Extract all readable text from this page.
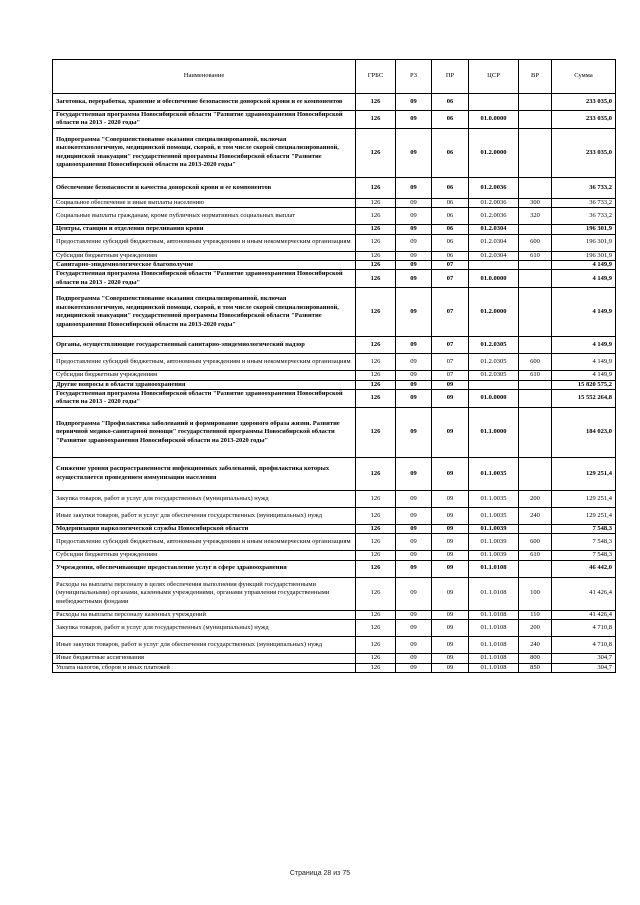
Наименование	ГРБС	РЗ	ПР	ЦСР	ВР	Сумма
Заготовка, переработка, хранение и обеспечение безопасности донорской крови и ее компонентов	126	09	06			233 035,0
Государственная программа Новосибирской области "Развитие здравоохранения Новосибирской области на 2013 - 2020 годы"	126	09	06	01.0.0000		233 035,0
Подпрограмма "Совершенствование оказания специализированной, включая высокотехнологичную, медицинской помощи, скорой, в том числе скорой специализированной, медицинской эвакуации" государственной программы Новосибирской области "Развитие здравоохранения Новосибирской области на 2013-2020 годы"	126	09	06	01.2.0000		233 035,0
Обеспечение безопасности и качества донорской крови и ее компонентов	126	09	06	01.2.0036		36 733,2
Социальное обеспечение и иные выплаты населению	126	09	06	01.2.0036	300	36 733,2
Социальные выплаты гражданам, кроме публичных нормативных социальных выплат	126	09	06	01.2.0036	320	36 733,2
Центры, станции и отделения переливания крови	126	09	06	01.2.0304		196 301,9
Предоставление субсидий бюджетным, автономным учреждениям и иным некоммерческим организациям	126	09	06	01.2.0304	600	196 301,9
Субсидии бюджетным учреждениям	126	09	06	01.2.0304	610	196 301,9
Санитарно-эпидемиологическое благополучие	126	09	07			4 149,9
Государственная программа Новосибирской области "Развитие здравоохранения Новосибирской области на 2013 - 2020 годы"	126	09	07	01.0.0000		4 149,9
Подпрограмма "Совершенствование оказания специализированной, включая высокотехнологичную, медицинской помощи, скорой, в том числе скорой специализированной, медицинской эвакуации" государственной программы Новосибирской области "Развитие здравоохранения Новосибирской области на 2013-2020 годы"	126	09	07	01.2.0000		4 149,9
Органы, осуществляющие государственный санитарно-эпидемиологический надзор	126	09	07	01.2.0305		4 149,9
Предоставление субсидий бюджетным, автономным учреждениям и иным некоммерческим организациям	126	09	07	01.2.0305	600	4 149,9
Субсидии бюджетным учреждениям	126	09	07	01.2.0305	610	4 149,9
Другие вопросы в области здравоохранения	126	09	09			15 820 575,2
Государственная программа Новосибирской области "Развитие здравоохранения Новосибирской области на 2013 - 2020 годы"	126	09	09	01.0.0000		15 552 264,8
Подпрограмма "Профилактика заболеваний и формирование здорового образа жизни. Развитие первичной медико-санитарной помощи" государственной программы Новосибирской области "Развитие здравоохранения Новосибирской области на 2013-2020 годы"	126	09	09	01.1.0000		184 023,0
Снижение уровня распространенности инфекционных заболеваний, профилактика которых осуществляется проведением иммунизации населения	126	09	09	01.1.0035		129 251,4
Закупка товаров, работ и услуг для государственных (муниципальных) нужд	126	09	09	01.1.0035	200	129 251,4
Иные закупки товаров, работ и услуг для обеспечения государственных (муниципальных) нужд	126	09	09	01.1.0035	240	129 251,4
Модернизация наркологической службы Новосибирской области	126	09	09	01.1.0039		7 548,3
Предоставление субсидий бюджетным, автономным учреждениям и иным некоммерческим организациям	126	09	09	01.1.0039	600	7 548,3
Субсидии бюджетным учреждениям	126	09	09	01.1.0039	610	7 548,3
Учреждения, обеспечивающие предоставление услуг в сфере здравоохранения	126	09	09	01.1.0108		46 442,0
Расходы на выплаты персоналу в целях обеспечения выполнения функций государственными (муниципальными) органами, казенными учреждениями, органами управления государственными внебюджетными фондами	126	09	09	01.1.0108	100	41 426,4
Расходы на выплаты персоналу казенных учреждений	126	09	09	01.1.0108	110	41 426,4
Закупка товаров, работ и услуг для государственных (муниципальных) нужд	126	09	09	01.1.0108	200	4 710,8
Иные закупки товаров, работ и услуг для обеспечения государственных (муниципальных) нужд	126	09	09	01.1.0108	240	4 710,8
Иные бюджетные ассигнования	126	09	09	01.1.0108	800	304,7
Уплата налогов, сборов и иных платежей	126	09	09	01.1.0108	850	304,7
Страница 28 из 75
